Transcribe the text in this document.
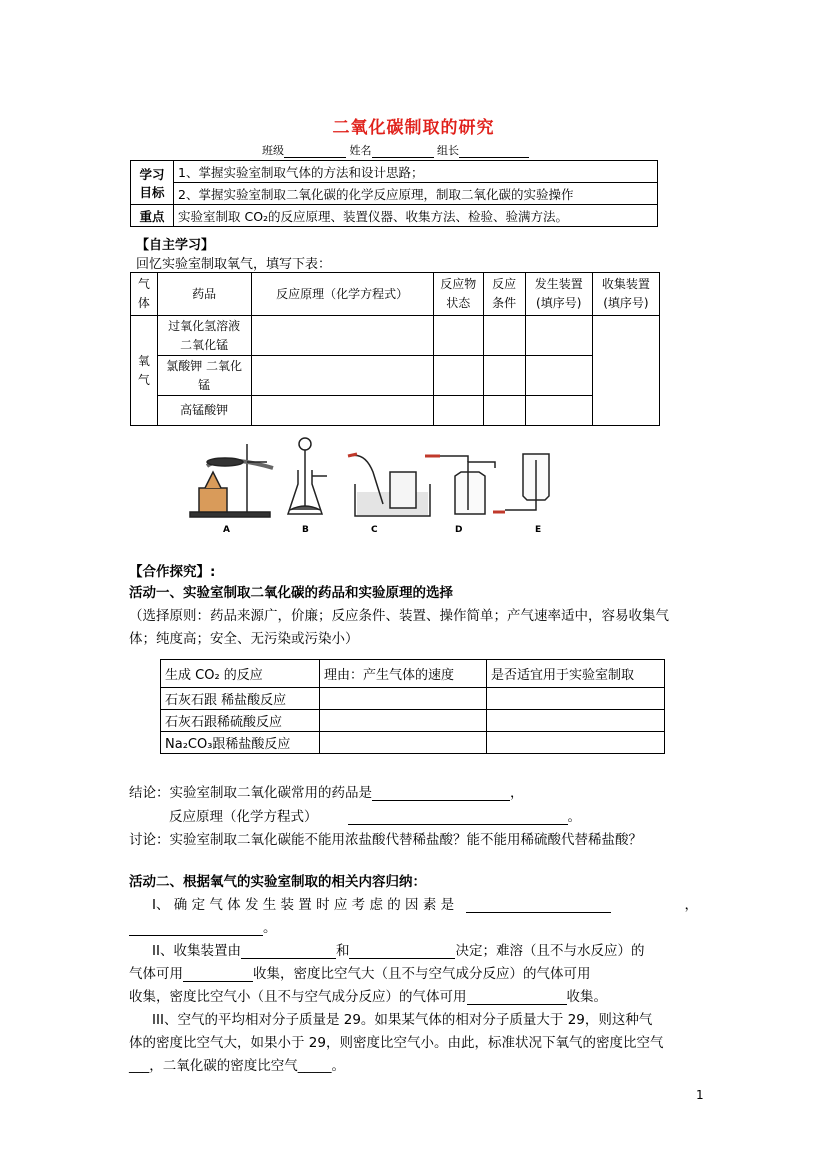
二氧化碳制取的研究
班级	姓名	组长
学习
目标	1、掌握实验室制取气体的方法和设计思路；
	2、掌握实验室制取二氧化碳的化学反应原理，制取二氧化碳的实验操作
重点	实验室制取 CO₂的反应原理、装置仪器、收集方法、检验、验满方法。
【自主学习】
回忆实验室制取氧气，填写下表：
气体	药品	反应原理（化学方程式）	反应物状态	反应条件	发生装置(填序号)	收集装置(填序号)
氧气	过氧化氢溶液 二氧化锰					
	氯酸钾 二氧化锰					
	高锰酸钾					
A	B	C	D	E
【合作探究】:
活动一、实验室制取二氧化碳的药品和实验原理的选择
（选择原则：药品来源广，价廉；反应条件、装置、操作简单；产气速率适中，容易收集气
体；纯度高；安全、无污染或污染小）
生成 CO₂ 的反应	理由：产生气体的速度	是否适宜用于实验室制取
石灰石跟 稀盐酸反应		
石灰石跟稀硫酸反应		
Na₂CO₃跟稀盐酸反应		
结论：实验室制取二氧化碳常用的药品是	，
反应原理（化学方程式）	。
讨论：实验室制取二氧化碳能不能用浓盐酸代替稀盐酸？能不能用稀硫酸代替稀盐酸？
活动二、根据氧气的实验室制取的相关内容归纳：
Ⅰ、 确 定 气 体 发 生 装 置 时 应 考 虑 的 因 素 是	，
。
II、收集装置由	和	决定；难溶（且不与水反应）的
气体可用	收集，密度比空气大（且不与空气成分反应）的气体可用
收集，密度比空气小（且不与空气成分反应）的气体可用	收集。
III、空气的平均相对分子质量是 29。如果某气体的相对分子质量大于 29，则这种气
体的密度比空气大，如果小于 29，则密度比空气小。由此，标准状况下氧气的密度比空气
___，二氧化碳的密度比空气_____。
1
